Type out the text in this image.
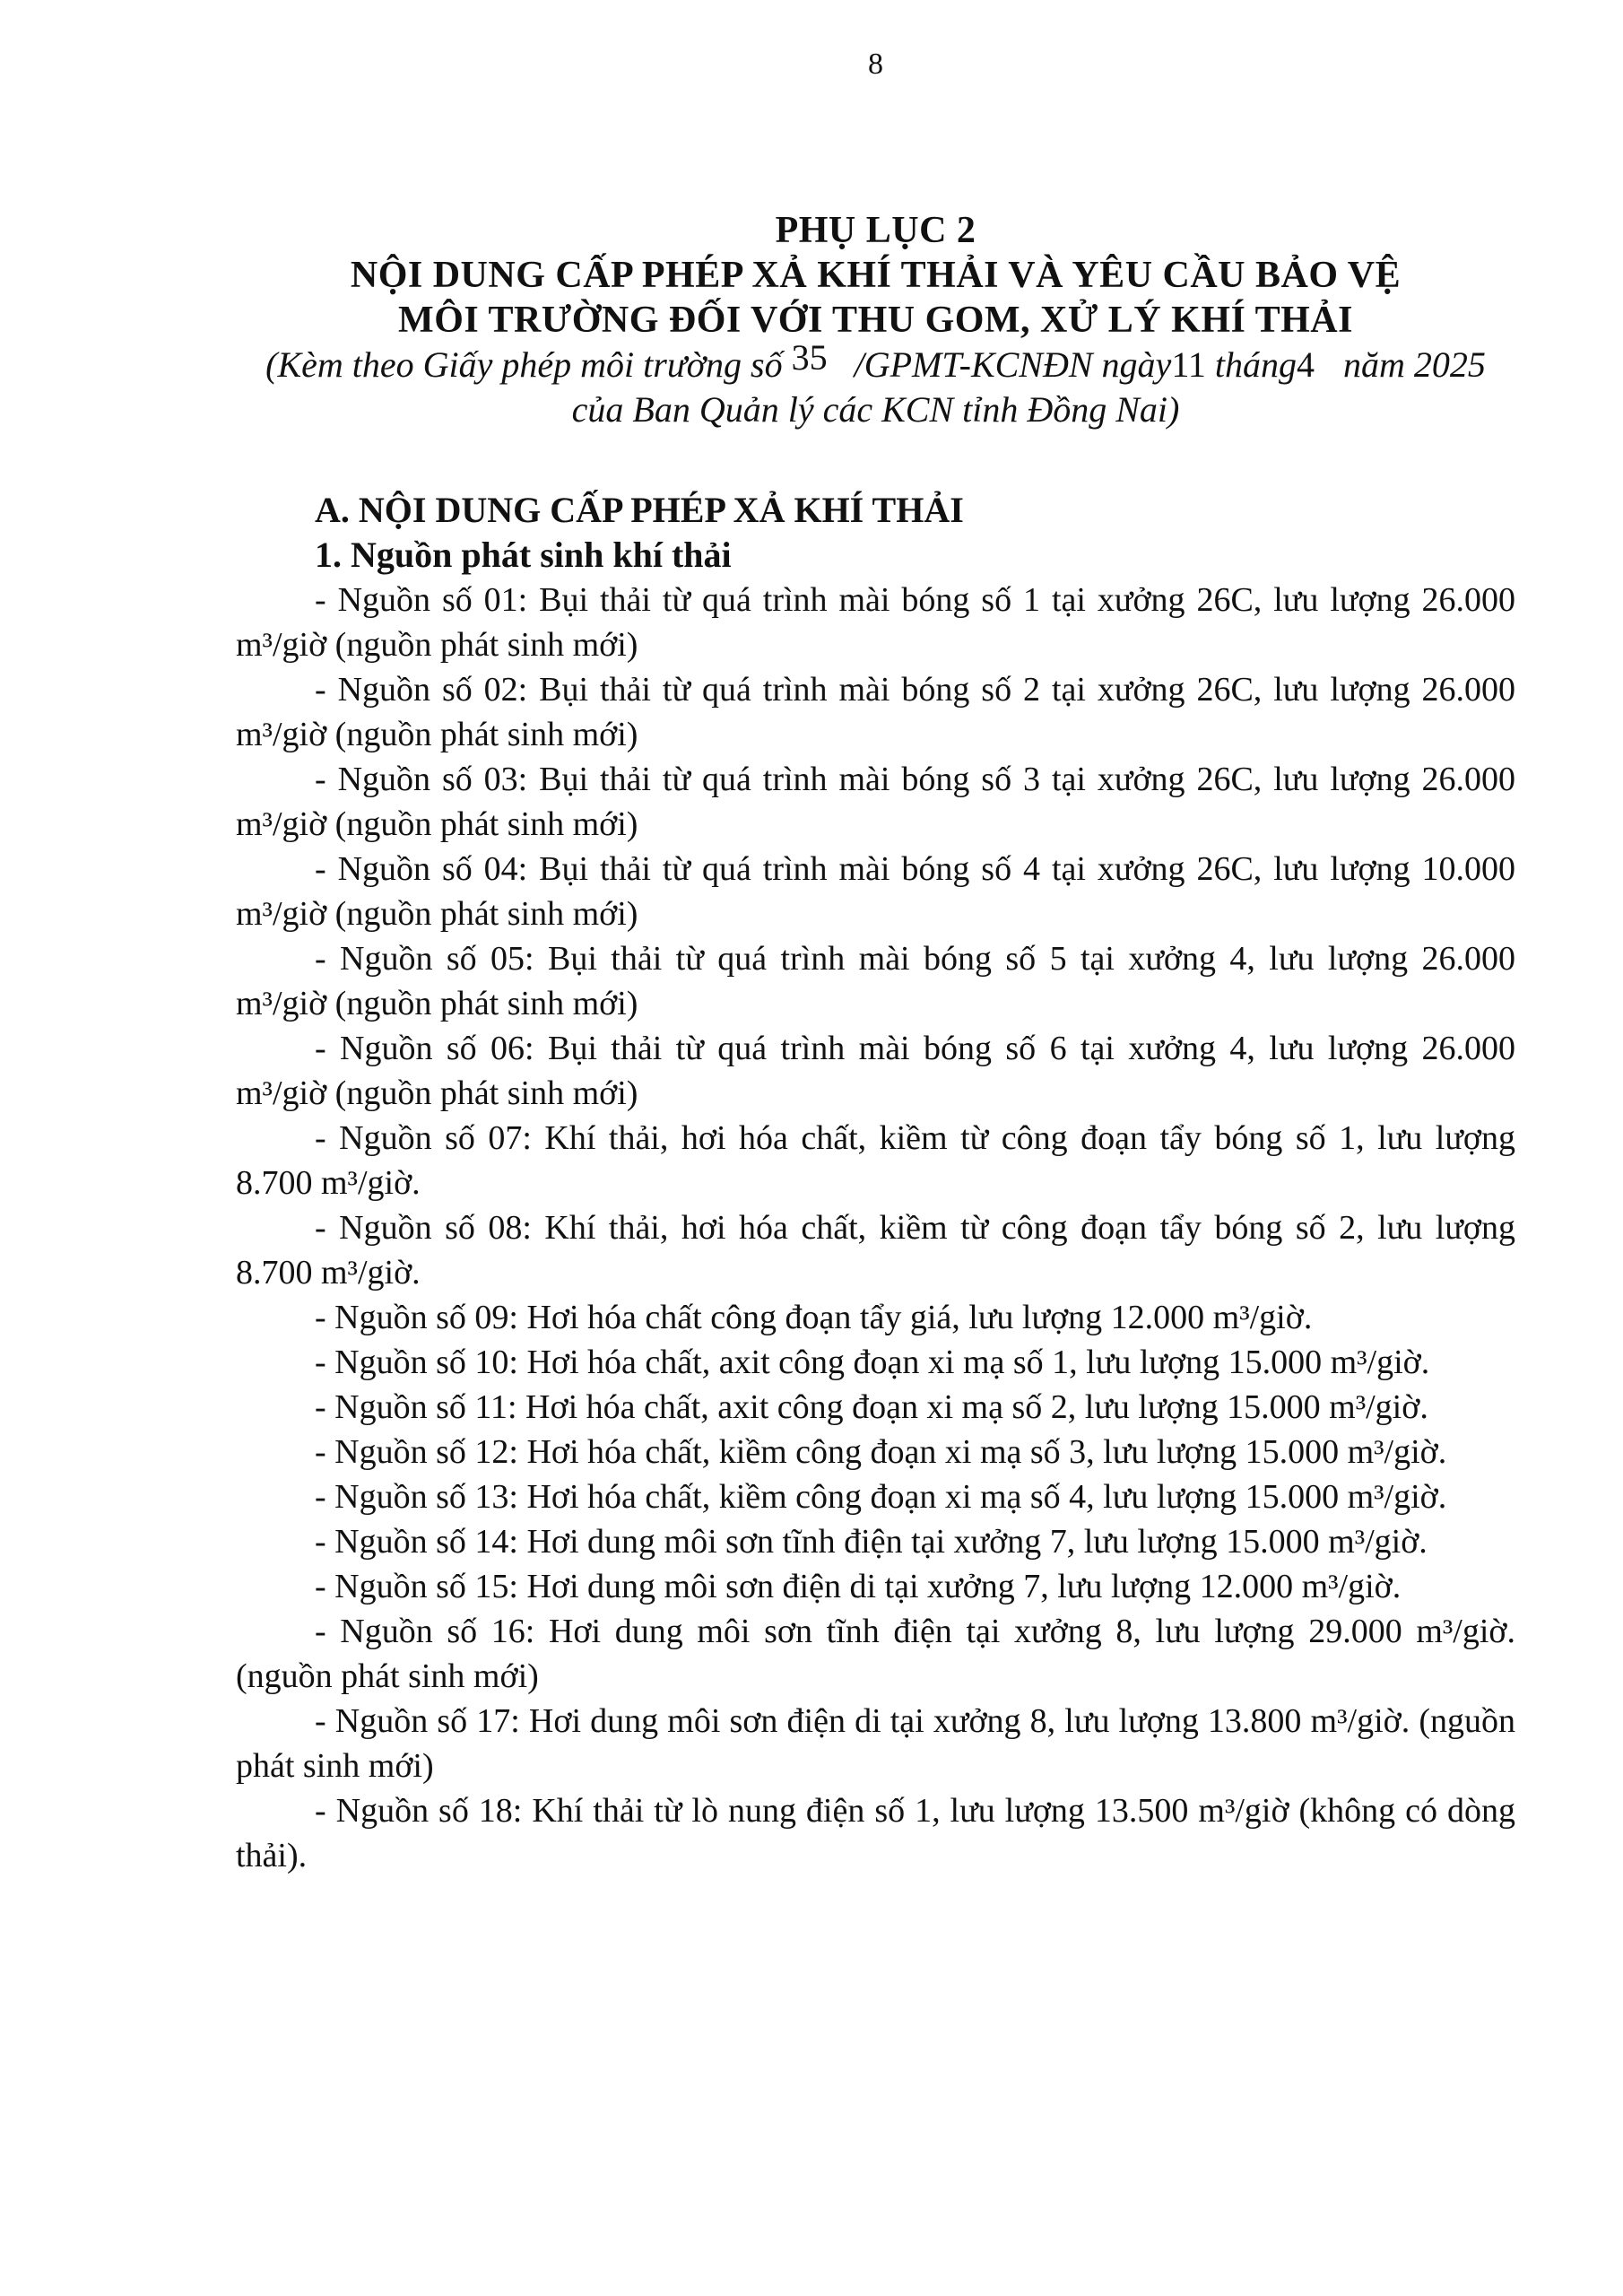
8
PHỤ LỤC 2
NỘI DUNG CẤP PHÉP XẢ KHÍ THẢI VÀ YÊU CẦU BẢO VỆ
MÔI TRƯỜNG ĐỐI VỚI THU GOM, XỬ LÝ KHÍ THẢI
(Kèm theo Giấy phép môi trường số 35 /GPMT-KCNĐN ngày11 tháng4 năm 2025
của Ban Quản lý các KCN tỉnh Đồng Nai)
A. NỘI DUNG CẤP PHÉP XẢ KHÍ THẢI
1. Nguồn phát sinh khí thải

- Nguồn số 01: Bụi thải từ quá trình mài bóng số 1 tại xưởng 26C, lưu lượng 26.000 m³/giờ (nguồn phát sinh mới)

- Nguồn số 02: Bụi thải từ quá trình mài bóng số 2 tại xưởng 26C, lưu lượng 26.000 m³/giờ (nguồn phát sinh mới)

- Nguồn số 03: Bụi thải từ quá trình mài bóng số 3 tại xưởng 26C, lưu lượng 26.000 m³/giờ (nguồn phát sinh mới)

- Nguồn số 04: Bụi thải từ quá trình mài bóng số 4 tại xưởng 26C, lưu lượng 10.000 m³/giờ (nguồn phát sinh mới)

- Nguồn số 05: Bụi thải từ quá trình mài bóng số 5 tại xưởng 4, lưu lượng 26.000 m³/giờ (nguồn phát sinh mới)

- Nguồn số 06: Bụi thải từ quá trình mài bóng số 6 tại xưởng 4, lưu lượng 26.000 m³/giờ (nguồn phát sinh mới)

- Nguồn số 07: Khí thải, hơi hóa chất, kiềm từ công đoạn tẩy bóng số 1, lưu lượng 8.700 m³/giờ.

- Nguồn số 08: Khí thải, hơi hóa chất, kiềm từ công đoạn tẩy bóng số 2, lưu lượng 8.700 m³/giờ.

- Nguồn số 09: Hơi hóa chất công đoạn tẩy giá, lưu lượng 12.000 m³/giờ.

- Nguồn số 10: Hơi hóa chất, axit công đoạn xi mạ số 1, lưu lượng 15.000 m³/giờ.

- Nguồn số 11: Hơi hóa chất, axit công đoạn xi mạ số 2, lưu lượng 15.000 m³/giờ.

- Nguồn số 12: Hơi hóa chất, kiềm công đoạn xi mạ số 3, lưu lượng 15.000 m³/giờ.

- Nguồn số 13: Hơi hóa chất, kiềm công đoạn xi mạ số 4, lưu lượng 15.000 m³/giờ.

- Nguồn số 14: Hơi dung môi sơn tĩnh điện tại xưởng 7, lưu lượng 15.000 m³/giờ.

- Nguồn số 15: Hơi dung môi sơn điện di tại xưởng 7, lưu lượng 12.000 m³/giờ.

- Nguồn số 16: Hơi dung môi sơn tĩnh điện tại xưởng 8, lưu lượng 29.000 m³/giờ. (nguồn phát sinh mới)

- Nguồn số 17: Hơi dung môi sơn điện di tại xưởng 8, lưu lượng 13.800 m³/giờ. (nguồn phát sinh mới)

- Nguồn số 18: Khí thải từ lò nung điện số 1, lưu lượng 13.500 m³/giờ (không có dòng thải).
